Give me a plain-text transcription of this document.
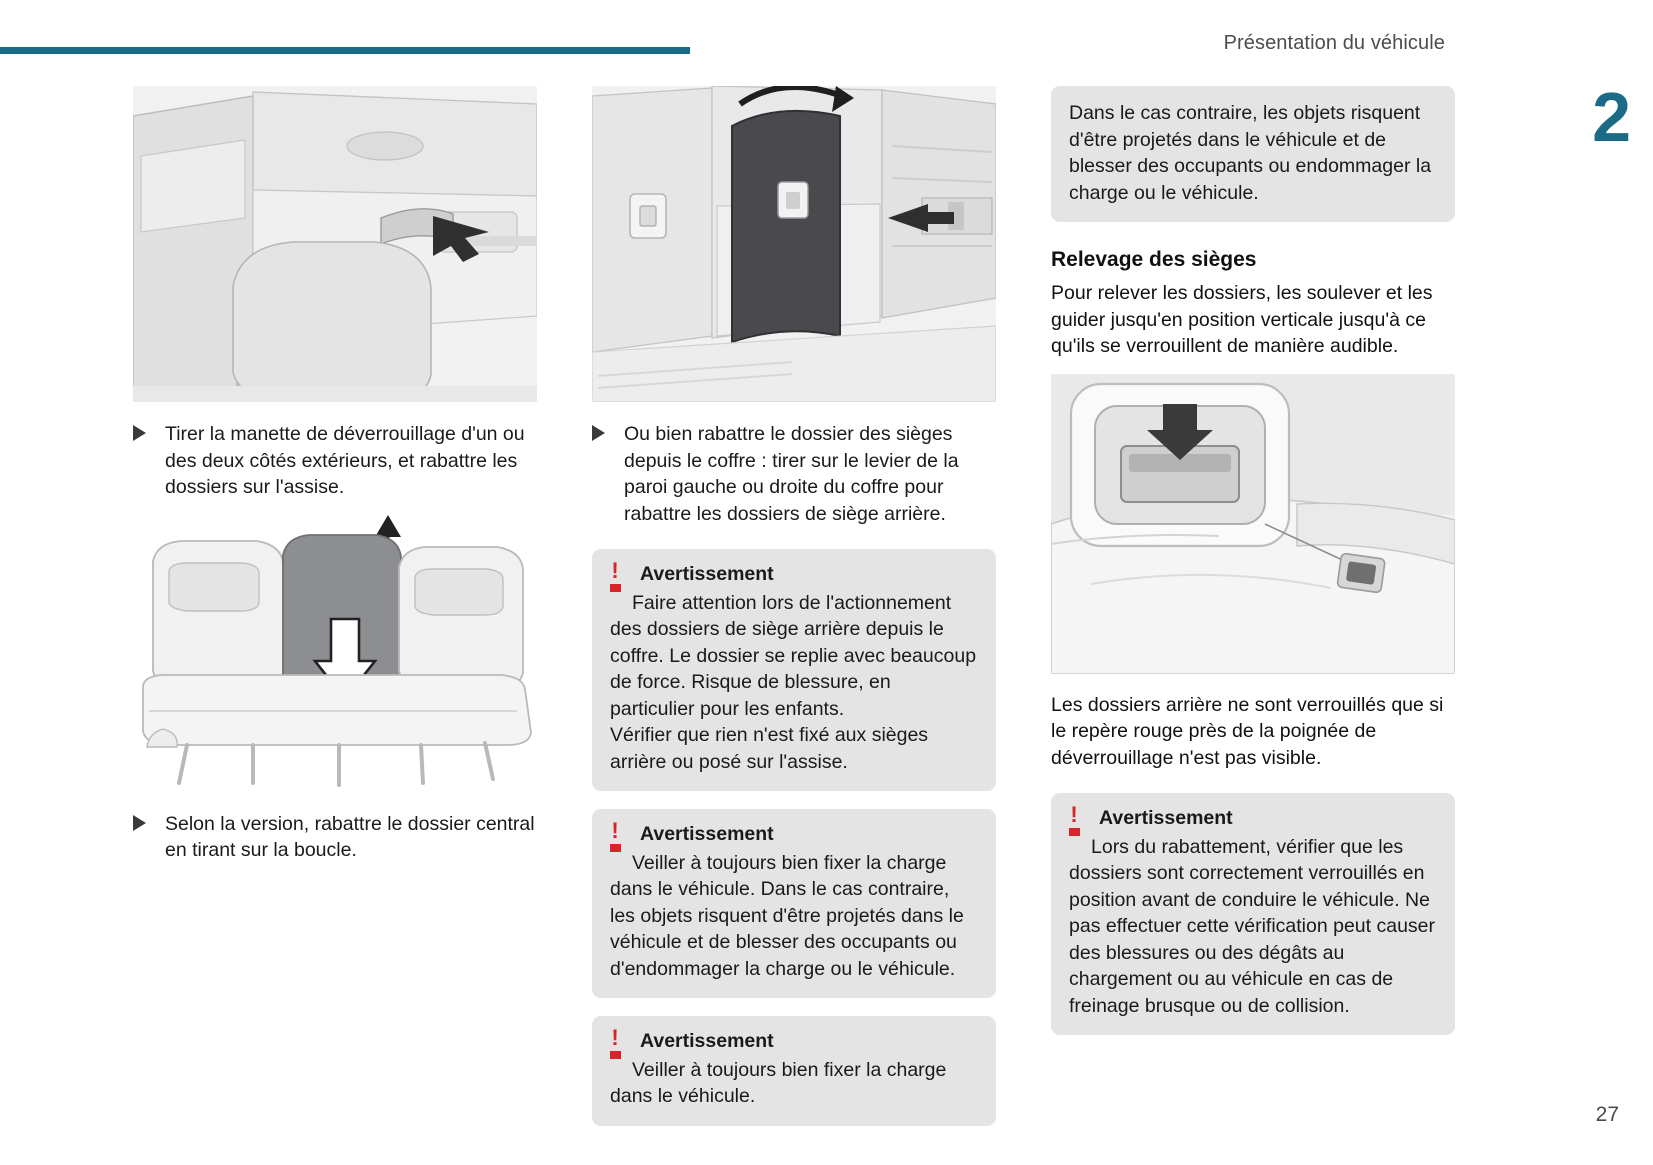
Présentation du véhicule
2
27
Tirer la manette de déverrouillage d'un ou des deux côtés extérieurs, et rabattre les dossiers sur l'assise.
Selon la version, rabattre le dossier central en tirant sur la boucle.
Ou bien rabattre le dossier des sièges depuis le coffre : tirer sur le levier de la paroi gauche ou droite du coffre pour rabattre les dossiers de siège arrière.
! Avertissement

Faire attention lors de l'actionnement des dossiers de siège arrière depuis le coffre. Le dossier se replie avec beaucoup de force. Risque de blessure, en particulier pour les enfants.
Vérifier que rien n'est fixé aux sièges arrière ou posé sur l'assise.

! Avertissement

Veiller à toujours bien fixer la charge dans le véhicule. Dans le cas contraire, les objets risquent d'être projetés dans le véhicule et de blesser des occupants ou d'endommager la charge ou le véhicule.

! Avertissement

Veiller à toujours bien fixer la charge dans le véhicule.

Dans le cas contraire, les objets risquent d'être projetés dans le véhicule et de blesser des occupants ou endommager la charge ou le véhicule.

Relevage des sièges

Pour relever les dossiers, les soulever et les guider jusqu'en position verticale jusqu'à ce qu'ils se verrouillent de manière audible.

Les dossiers arrière ne sont verrouillés que si le repère rouge près de la poignée de déverrouillage n'est pas visible.

! Avertissement

Lors du rabattement, vérifier que les dossiers sont correctement verrouillés en position avant de conduire le véhicule. Ne pas effectuer cette vérification peut causer des blessures ou des dégâts au chargement ou au véhicule en cas de freinage brusque ou de collision.
